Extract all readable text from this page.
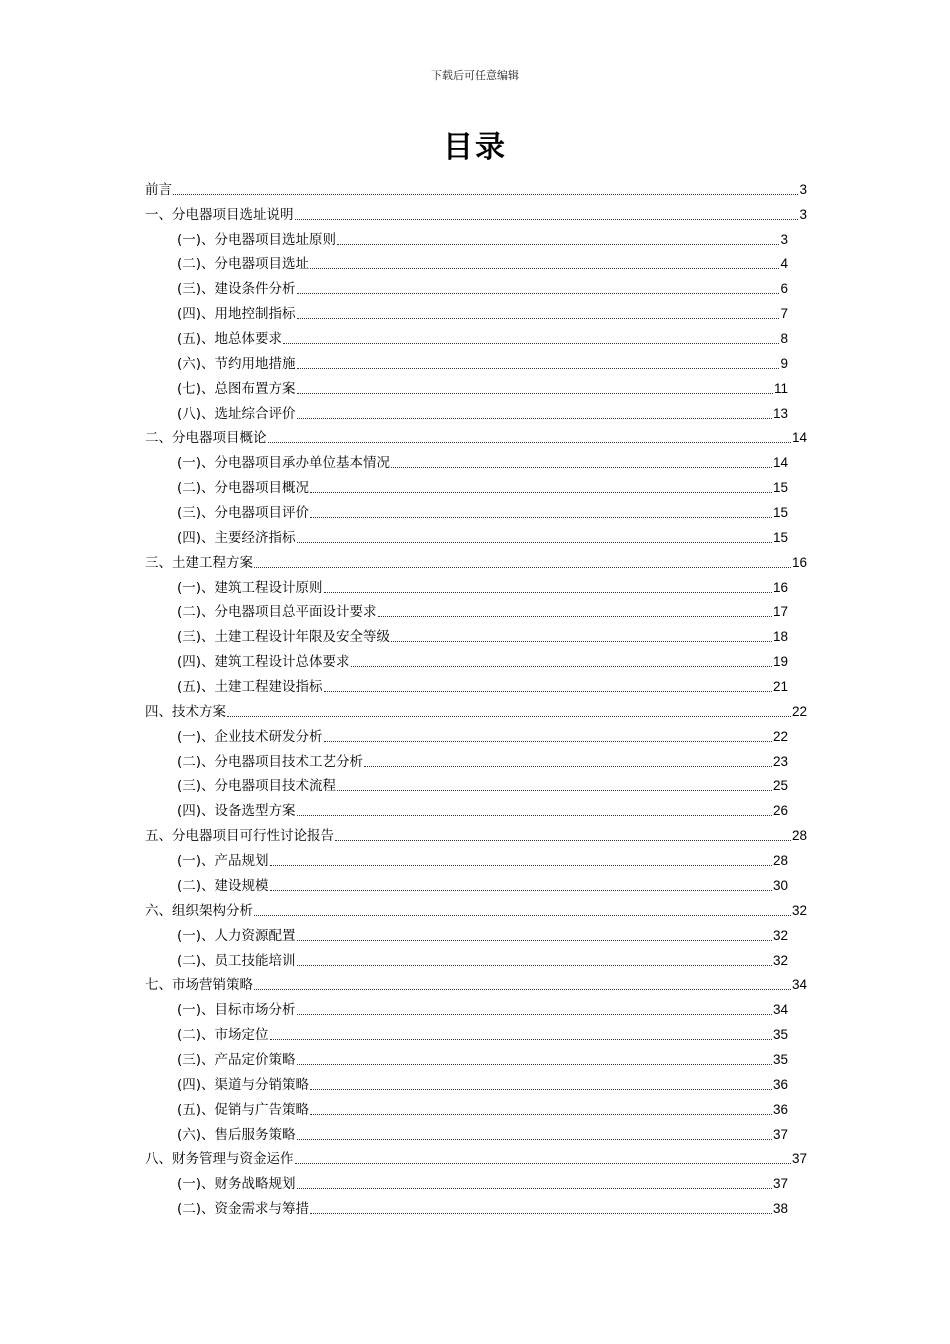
下载后可任意编辑
目录
前言	3
一、分电器项目选址说明	3
(一)、分电器项目选址原则	3
(二)、分电器项目选址	4
(三)、建设条件分析	6
(四)、用地控制指标	7
(五)、地总体要求	8
(六)、节约用地措施	9
(七)、总图布置方案	11
(八)、选址综合评价	13
二、分电器项目概论	14
(一)、分电器项目承办单位基本情况	14
(二)、分电器项目概况	15
(三)、分电器项目评价	15
(四)、主要经济指标	15
三、土建工程方案	16
(一)、建筑工程设计原则	16
(二)、分电器项目总平面设计要求	17
(三)、土建工程设计年限及安全等级	18
(四)、建筑工程设计总体要求	19
(五)、土建工程建设指标	21
四、技术方案	22
(一)、企业技术研发分析	22
(二)、分电器项目技术工艺分析	23
(三)、分电器项目技术流程	25
(四)、设备选型方案	26
五、分电器项目可行性讨论报告	28
(一)、产品规划	28
(二)、建设规模	30
六、组织架构分析	32
(一)、人力资源配置	32
(二)、员工技能培训	32
七、市场营销策略	34
(一)、目标市场分析	34
(二)、市场定位	35
(三)、产品定价策略	35
(四)、渠道与分销策略	36
(五)、促销与广告策略	36
(六)、售后服务策略	37
八、财务管理与资金运作	37
(一)、财务战略规划	37
(二)、资金需求与筹措	38
